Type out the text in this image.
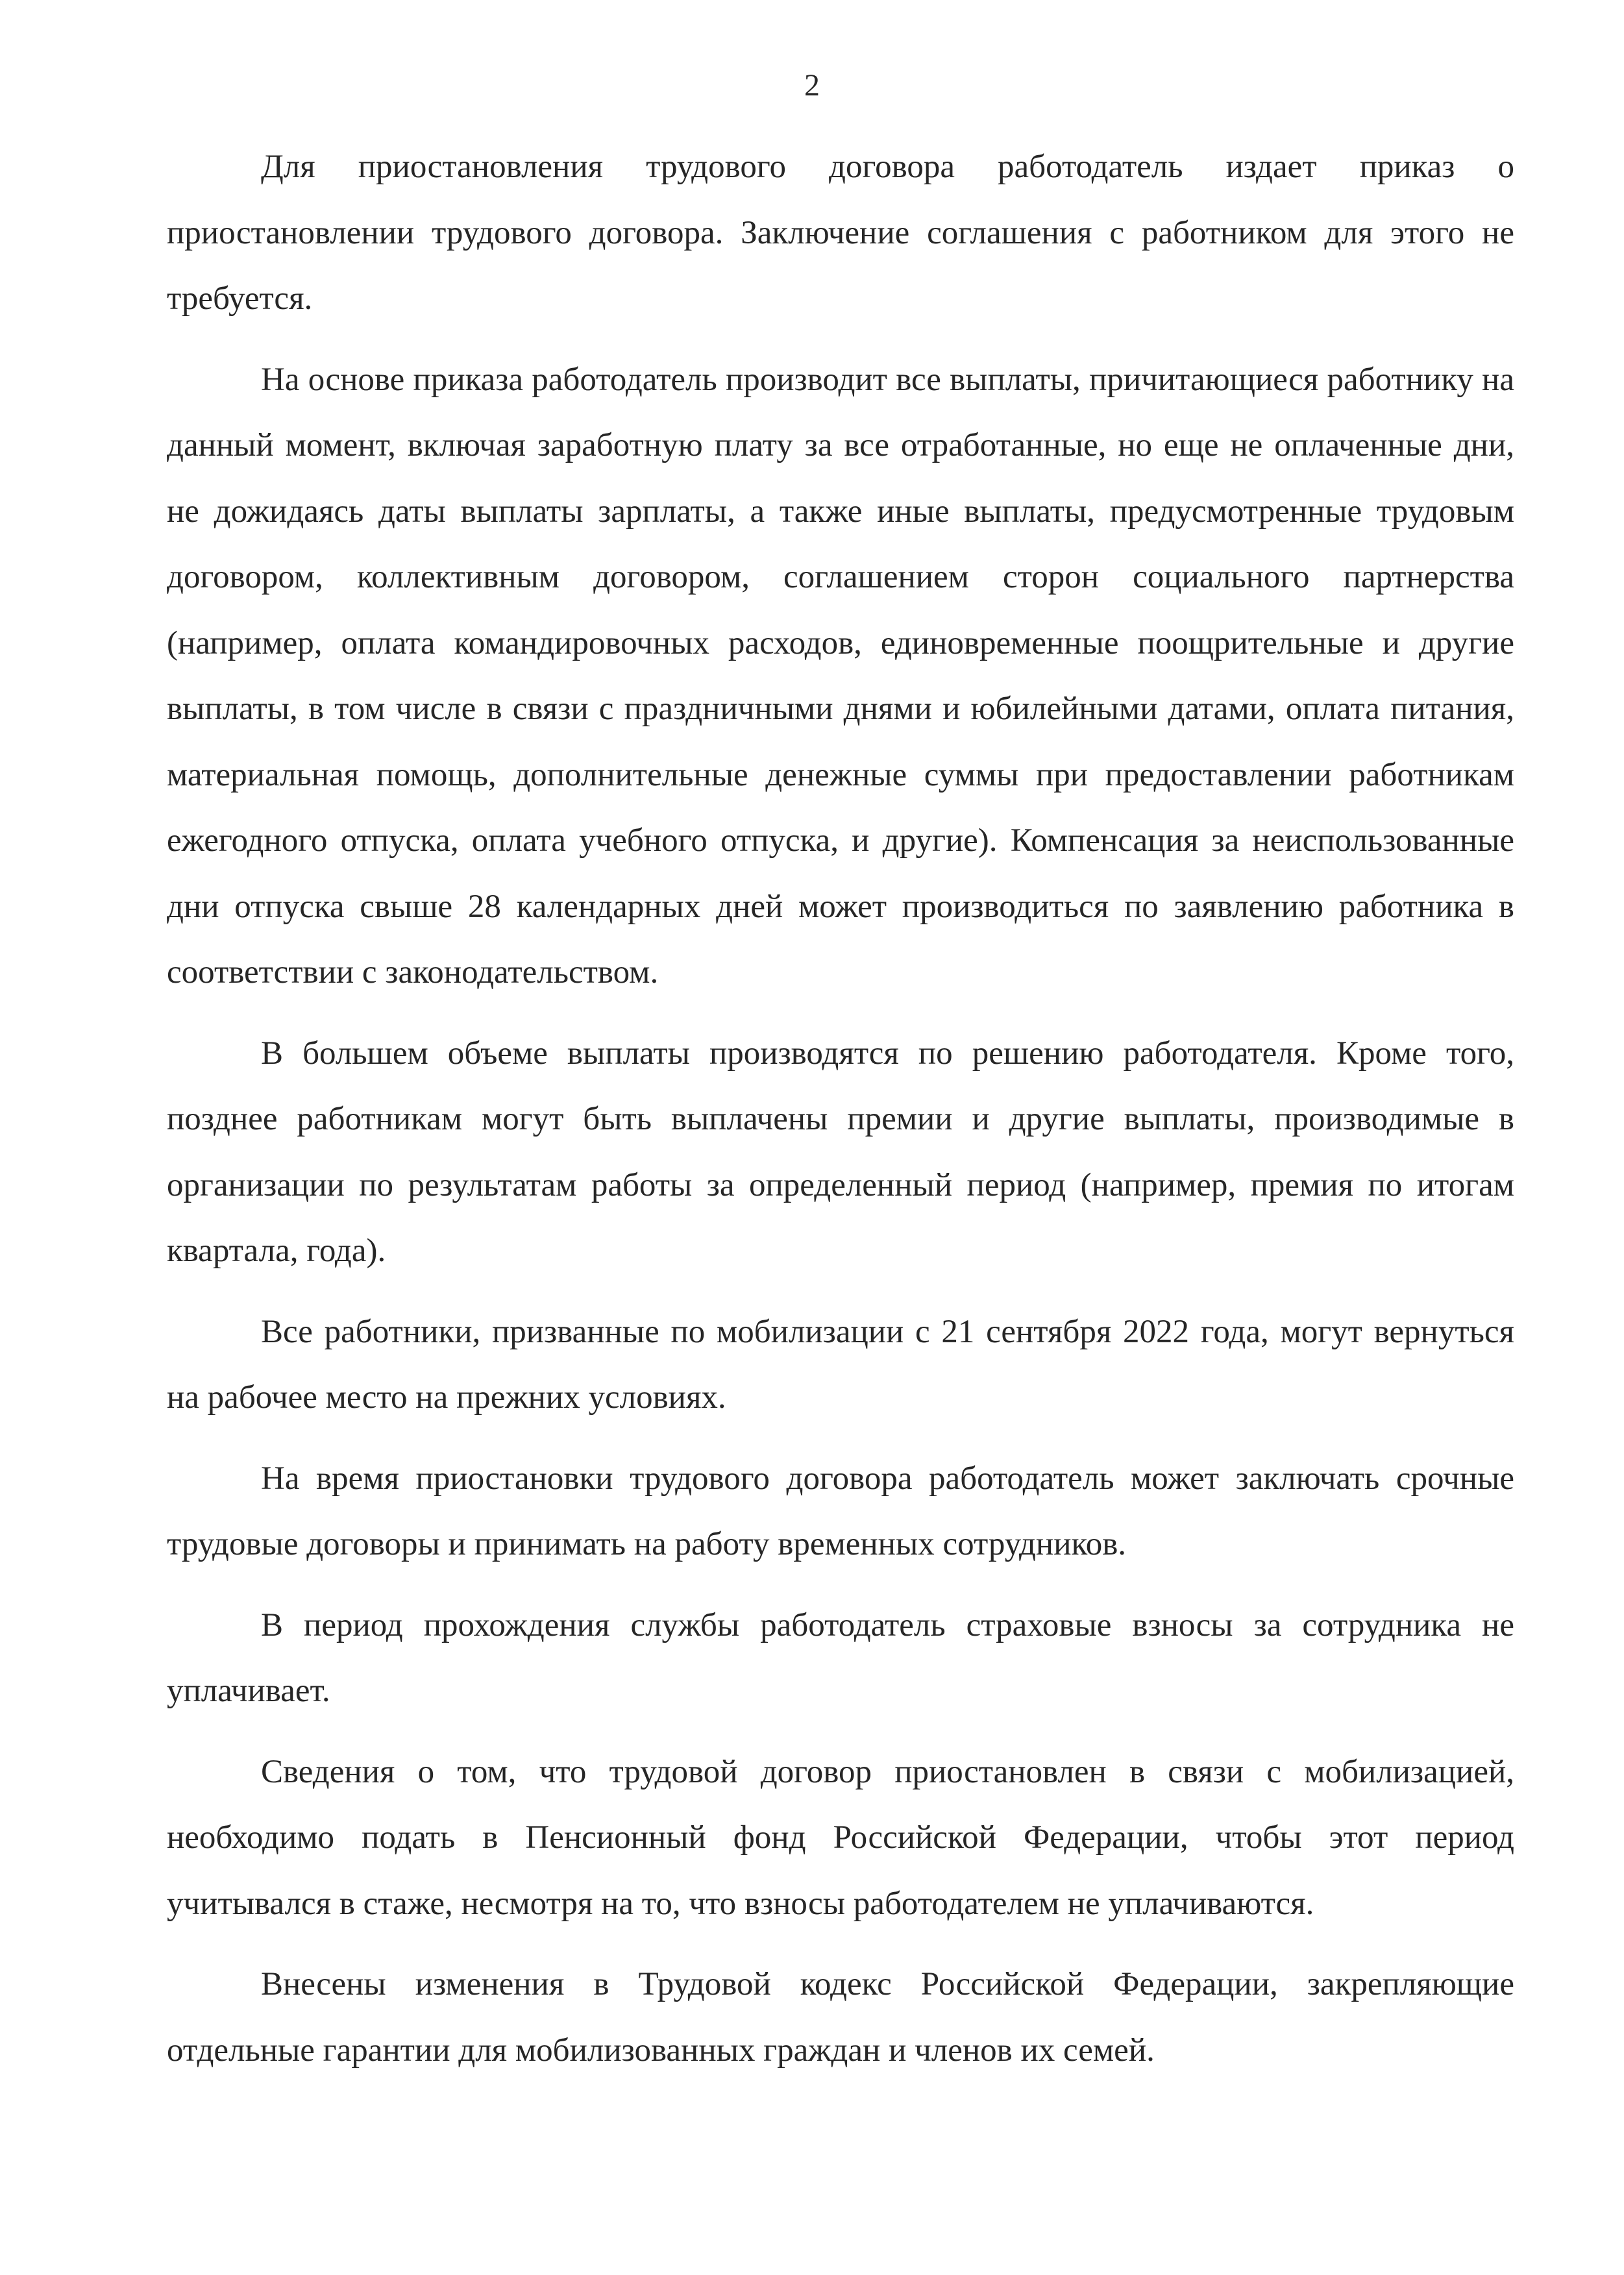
2

Для приостановления трудового договора работодатель издает приказ о приостановлении трудового договора. Заключение соглашения с работником для этого не требуется.

На основе приказа работодатель производит все выплаты, причитающиеся работнику на данный момент, включая заработную плату за все отработанные, но еще не оплаченные дни, не дожидаясь даты выплаты зарплаты, а также иные выплаты, предусмотренные трудовым договором, коллективным договором, соглашением сторон социального партнерства (например, оплата командировочных расходов, единовременные поощрительные и другие выплаты, в том числе в связи с праздничными днями и юбилейными датами, оплата питания, материальная помощь, дополнительные денежные суммы при предоставлении работникам ежегодного отпуска, оплата учебного отпуска, и другие). Компенсация за неиспользованные дни отпуска свыше 28 календарных дней может производиться по заявлению работника в соответствии с законодательством.

В большем объеме выплаты производятся по решению работодателя. Кроме того, позднее работникам могут быть выплачены премии и другие выплаты, производимые в организации по результатам работы за определенный период (например, премия по итогам квартала, года).

Все работники, призванные по мобилизации с 21 сентября 2022 года, могут вернуться на рабочее место на прежних условиях.

На время приостановки трудового договора работодатель может заключать срочные трудовые договоры и принимать на работу временных сотрудников.

В период прохождения службы работодатель страховые взносы за сотрудника не уплачивает.

Сведения о том, что трудовой договор приостановлен в связи с мобилизацией, необходимо подать в Пенсионный фонд Российской Федерации, чтобы этот период учитывался в стаже, несмотря на то, что взносы работодателем не уплачиваются.

Внесены изменения в Трудовой кодекс Российской Федерации, закрепляющие отдельные гарантии для мобилизованных граждан и членов их семей.
